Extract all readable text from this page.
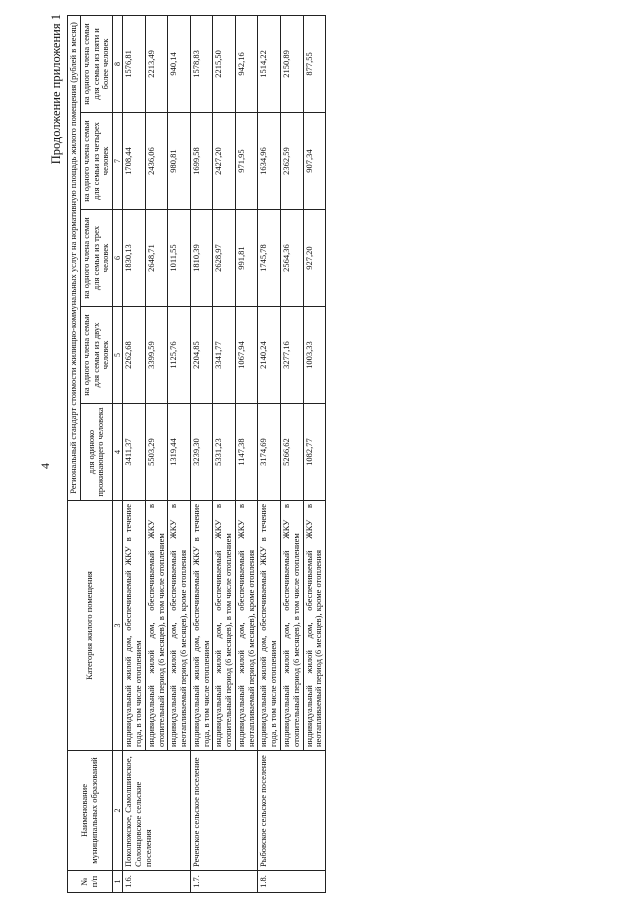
4
Продолжение приложения 1
№ п/п	Наименование муниципальных образований	Категория жилого помещения	Региональный стандарт стоимости жилищно-коммунальных услуг на нормативную площадь жилого помещения (рублей в месяц)				
			для одиноко проживающего человека	на одного члена семьи для семьи из двух человек	на одного члена семьи для семьи из трех человек	на одного члена семьи для семьи из четырех человек	на одного члена семьи для семьи из пяти и более человек
1	2	3	4	5	6	7	8
1.6.	Поколюжское, Самолшинское, Солонцовское сельские поселения	индивидуальный жилой дом, обеспечиваемый ЖКУ в течение года, в том числе отоплением	3411,37	2262,68	1830,13	1708,44	1576,81
		индивидуальный жилой дом, обеспечиваемый ЖКУ в отопительный период (6 месяцев), в том числе отоплением	5503,29	3399,59	2648,71	2436,06	2213,49
		индивидуальный жилой дом, обеспечиваемый ЖКУ в неотапливаемый период (6 месяцев), кроме отопления	1319,44	1125,76	1011,55	980,81	940,14
1.7.	Реченское сельское поселение	индивидуальный жилой дом, обеспечиваемый ЖКУ в течение года, в том числе отоплением	3239,30	2204,85	1810,39	1699,58	1578,83
		индивидуальный жилой дом, обеспечиваемый ЖКУ в отопительный период (6 месяцев), в том числе отоплением	5331,23	3341,77	2628,97	2427,20	2215,50
		индивидуальный жилой дом, обеспечиваемый ЖКУ в неотапливаемый период (6 месяцев), кроме отопления	1147,38	1067,94	991,81	971,95	942,16
1.8.	Рыбовское сельское поселение	индивидуальный жилой дом, обеспечиваемый ЖКУ в течение года, в том числе отоплением	3174,69	2140,24	1745,78	1634,96	1514,22
		индивидуальный жилой дом, обеспечиваемый ЖКУ в отопительный период (6 месяцев), в том числе отоплением	5266,62	3277,16	2564,36	2362,59	2150,89
		индивидуальный жилой дом, обеспечиваемый ЖКУ в неотапливаемый период (6 месяцев), кроме отопления	1082,77	1003,33	927,20	907,34	877,55
